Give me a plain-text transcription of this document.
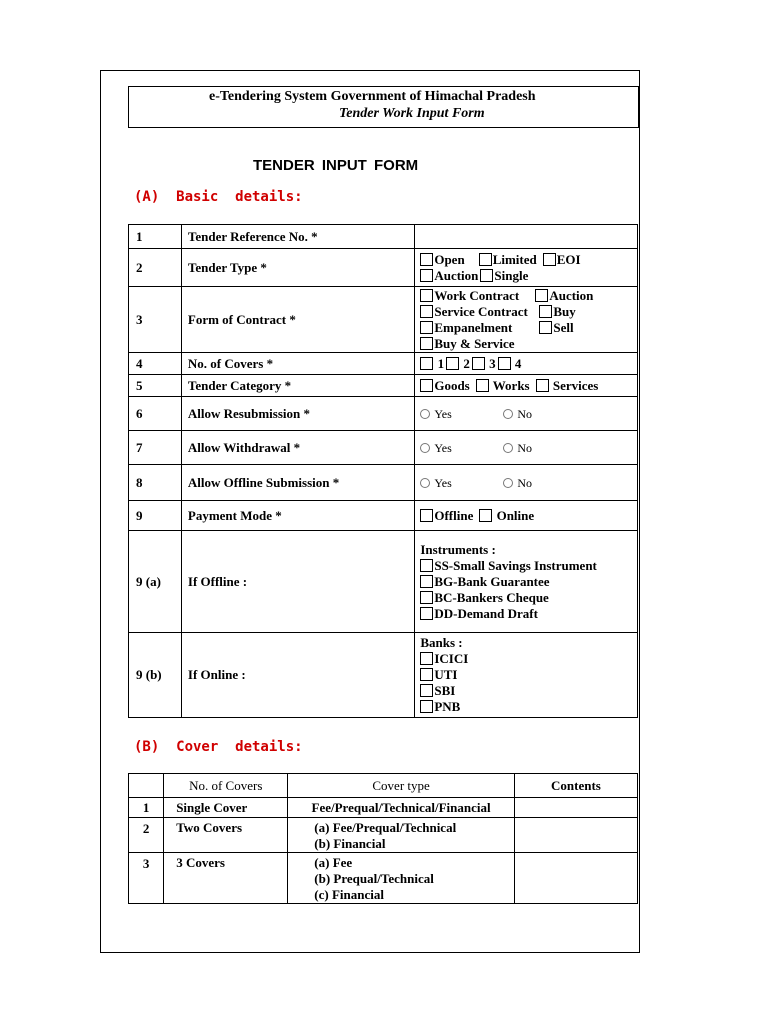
e-Tendering System Government of Himachal Pradesh
Tender Work Input Form
TENDER INPUT FORM
(A)  Basic  details:
1	Tender Reference No. *	
2	Tender Type *	Open Limited EOI
Auction Single

3	Form of Contract *	Work Contract Auction
Service Contract Buy
Empanelment Sell
Buy & Service

4	No. of Covers *	1 2 3 4
5	Tender Category *	Goods Works Services
6	Allow Resubmission *	Yes No
7	Allow Withdrawal *	Yes No
8	Allow Offline Submission *	Yes No
9	Payment Mode *	Offline Online
9 (a)	If Offline :	Instruments :
SS-Small Savings Instrument
BG-Bank Guarantee
BC-Bankers Cheque
DD-Demand Draft

9 (b)	If Online :	Banks :
ICICI
UTI
SBI
PNB
(B)  Cover  details:
	No. of Covers	Cover type	Contents
1	Single Cover	Fee/Prequal/Technical/Financial	
2	Two Covers	(a) Fee/Prequal/Technical
(b) Financial	

3	3 Covers	(a) Fee
(b) Prequal/Technical
(c) Financial	
